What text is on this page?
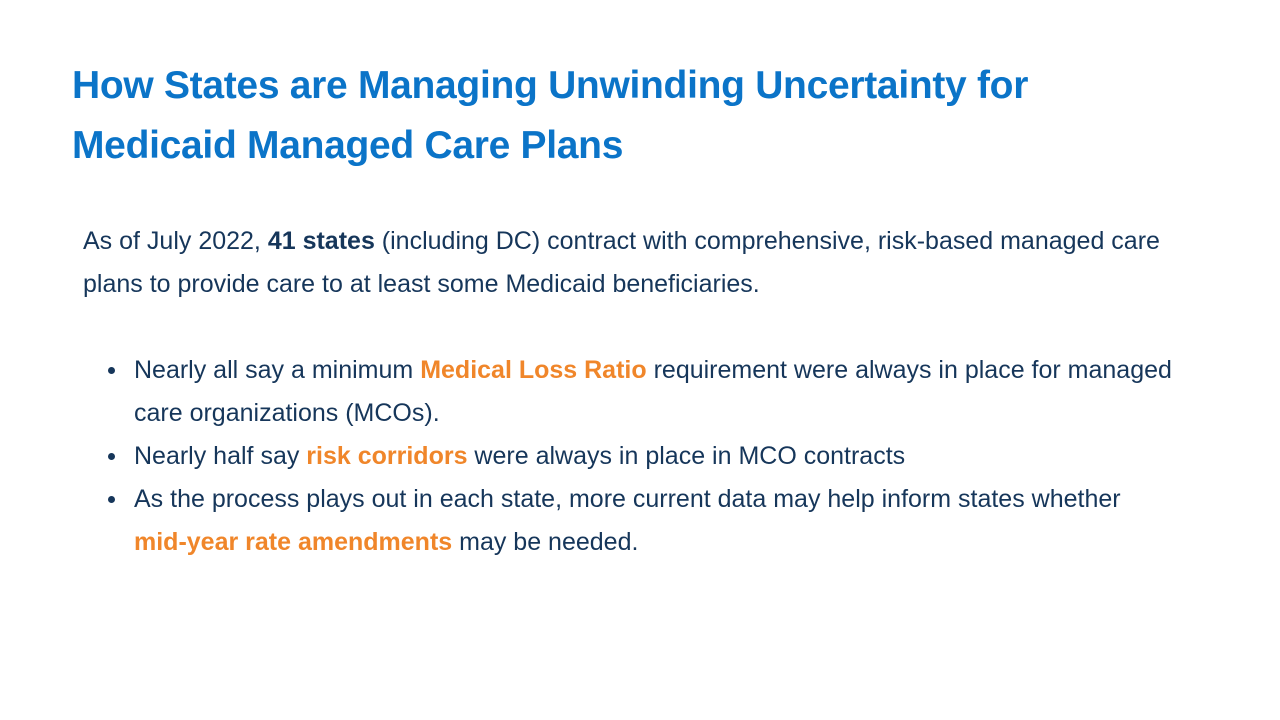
How States are Managing Unwinding Uncertainty for Medicaid Managed Care Plans

As of July 2022, 41 states (including DC) contract with comprehensive, risk-based managed care plans to provide care to at least some Medicaid beneficiaries.

Nearly all say a minimum Medical Loss Ratio requirement were always in place for managed care organizations (MCOs).
Nearly half say risk corridors were always in place in MCO contracts
As the process plays out in each state, more current data may help inform states whether mid-year rate amendments may be needed.
